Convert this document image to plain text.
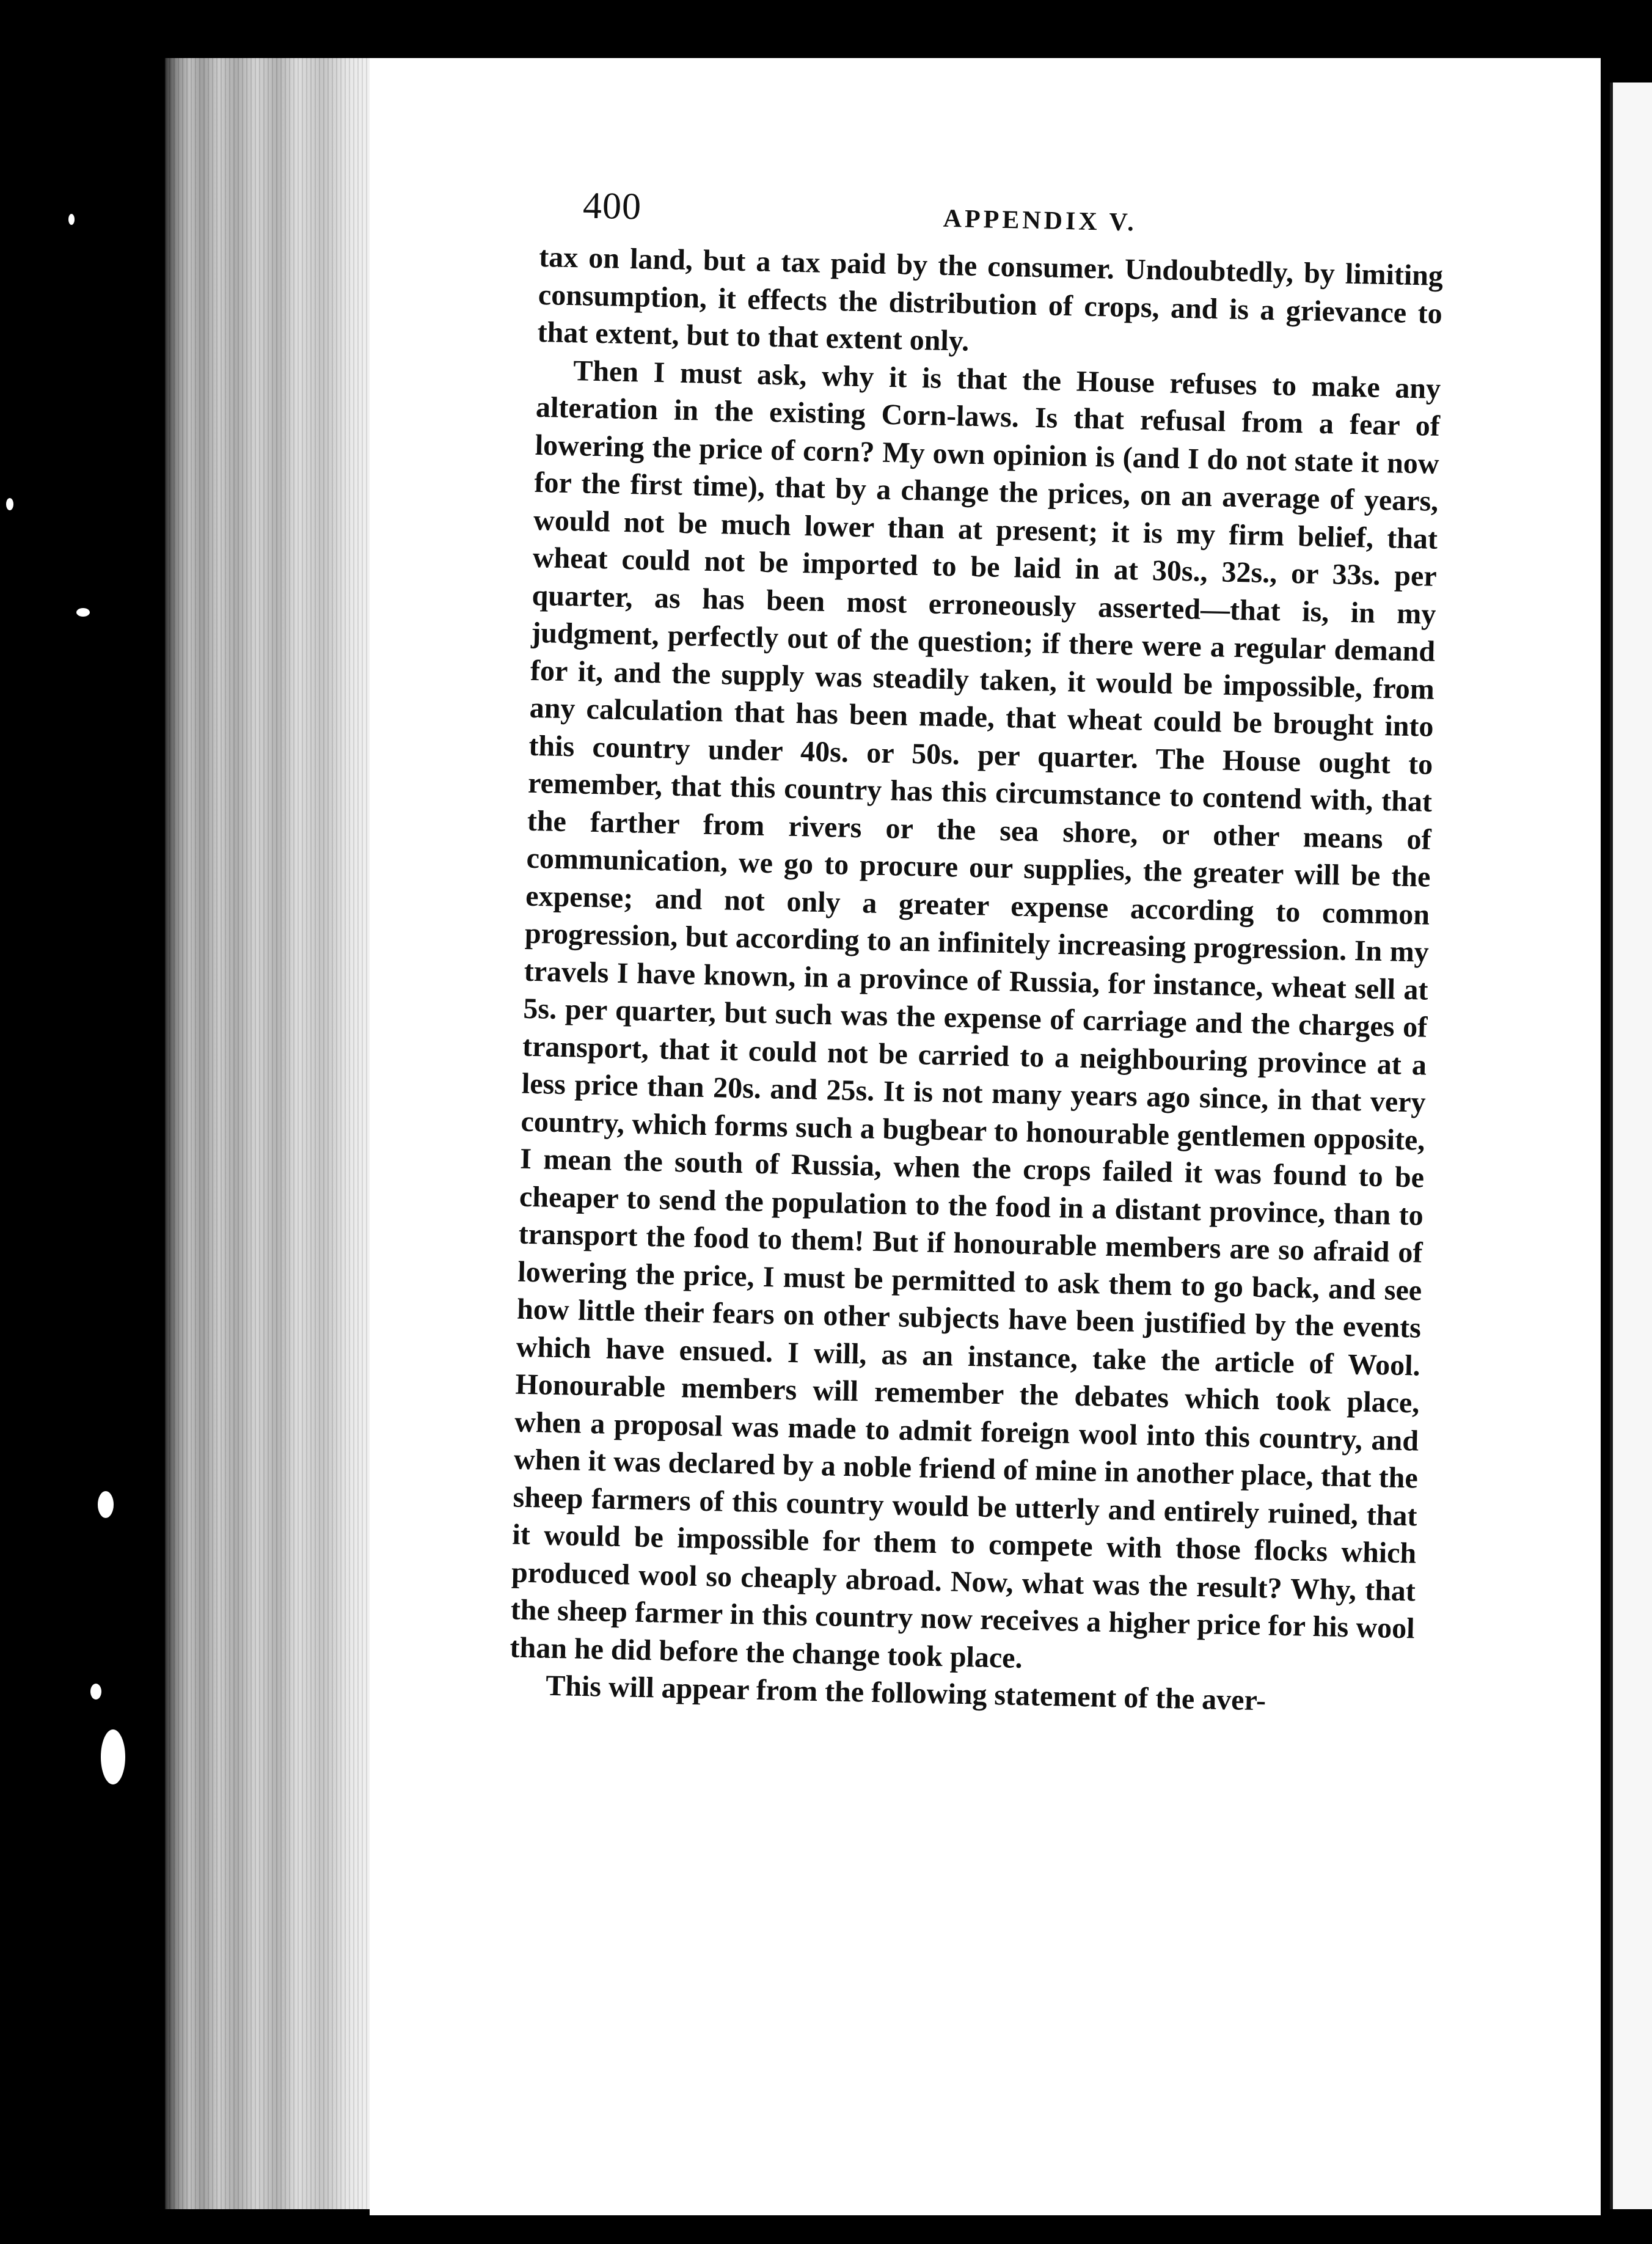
400	APPENDIX V.

tax on land, but a tax paid by the consumer. Undoubtedly, by limiting consumption, it effects the distribution of crops, and is a grievance to that extent, but to that extent only.

Then I must ask, why it is that the House refuses to make any alteration in the existing Corn-laws. Is that refusal from a fear of lowering the price of corn? My own opinion is (and I do not state it now for the first time), that by a change the prices, on an average of years, would not be much lower than at present; it is my firm belief, that wheat could not be imported to be laid in at 30s., 32s., or 33s. per quarter, as has been most erroneously asserted—that is, in my judgment, perfectly out of the question; if there were a regular demand for it, and the supply was steadily taken, it would be impossible, from any calculation that has been made, that wheat could be brought into this country under 40s. or 50s. per quarter. The House ought to remember, that this country has this circumstance to contend with, that the farther from rivers or the sea shore, or other means of communication, we go to procure our supplies, the greater will be the expense; and not only a greater expense according to common progression, but according to an infinitely increasing progression. In my travels I have known, in a province of Russia, for instance, wheat sell at 5s. per quarter, but such was the expense of carriage and the charges of transport, that it could not be carried to a neighbouring province at a less price than 20s. and 25s. It is not many years ago since, in that very country, which forms such a bugbear to honourable gentlemen opposite, I mean the south of Russia, when the crops failed it was found to be cheaper to send the population to the food in a distant province, than to transport the food to them! But if honourable members are so afraid of lowering the price, I must be permitted to ask them to go back, and see how little their fears on other subjects have been justified by the events which have ensued. I will, as an instance, take the article of Wool. Honourable members will remember the debates which took place, when a proposal was made to admit foreign wool into this country, and when it was declared by a noble friend of mine in another place, that the sheep farmers of this country would be utterly and entirely ruined, that it would be impossible for them to compete with those flocks which produced wool so cheaply abroad. Now, what was the result? Why, that the sheep farmer in this country now receives a higher price for his wool than he did before the change took place.

This will appear from the following statement of the aver-
